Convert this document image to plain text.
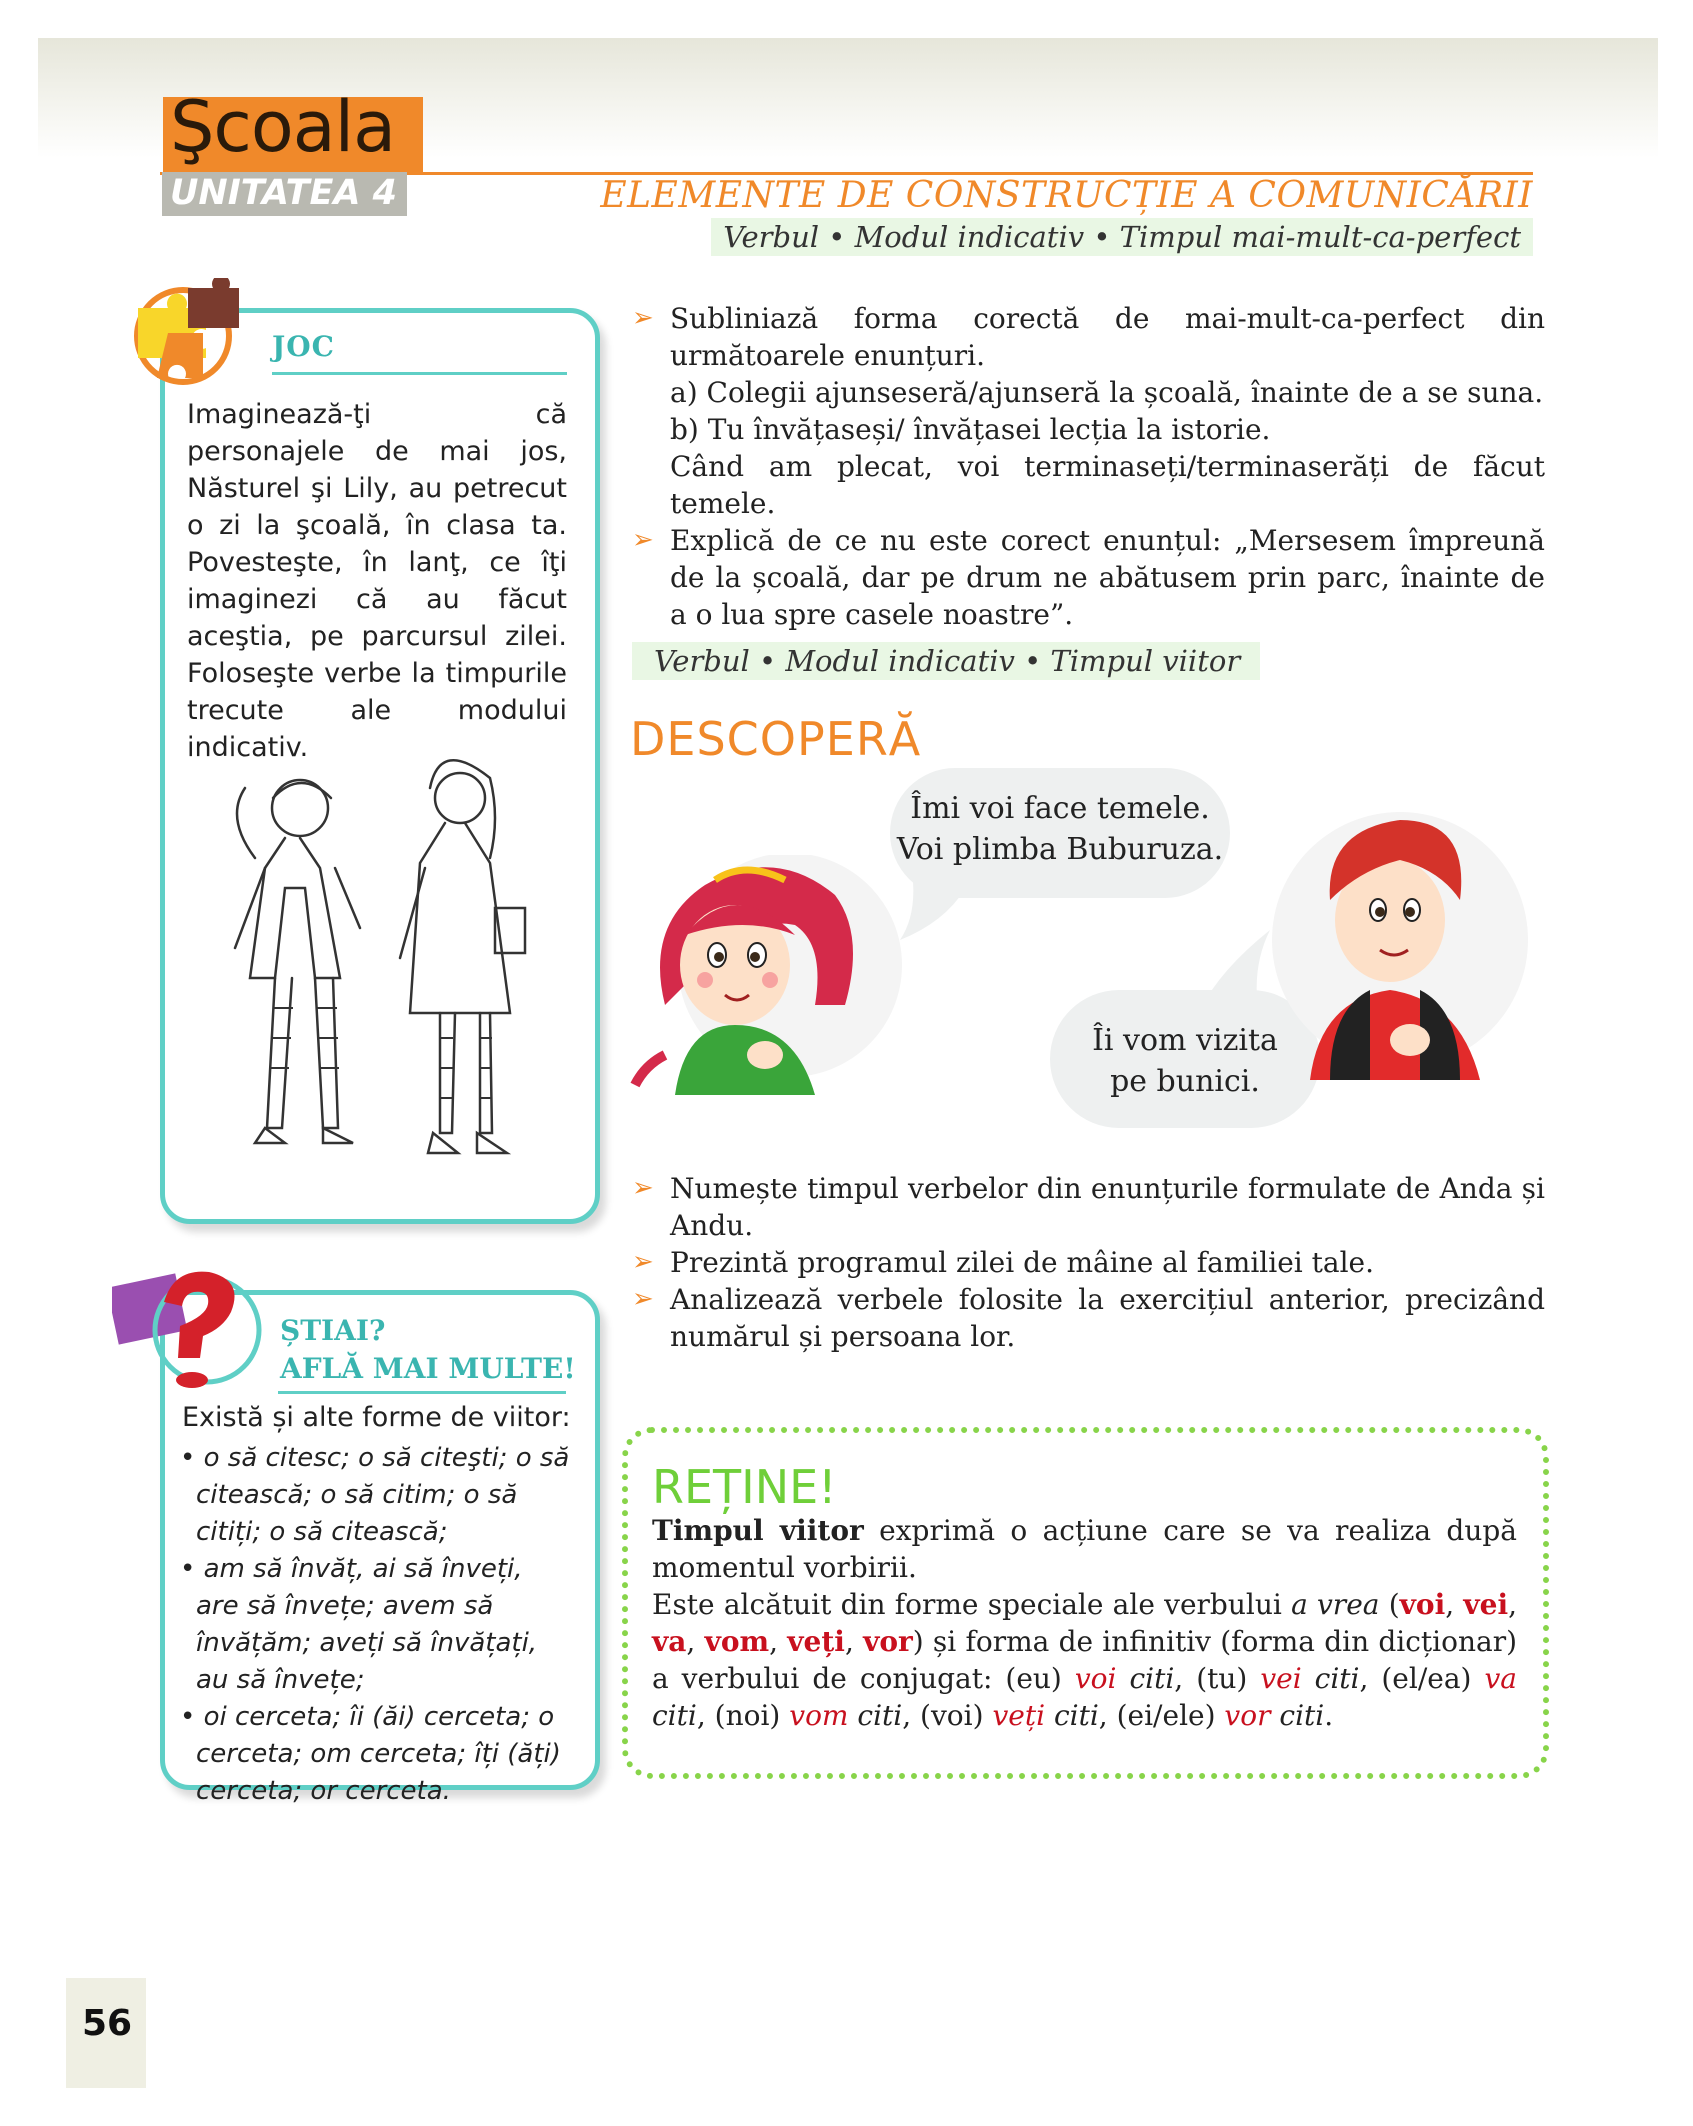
Şcoala
UNITATEA 4	ELEMENTE DE CONSTRUCȚIE A COMUNICĂRII
Verbul • Modul indicativ • Timpul mai-mult-ca-perfect
JOC
Imaginează-ţi că personajele de mai jos, Năsturel şi Lily, au petrecut o zi la şcoală, în clasa ta. Povesteşte, în lanţ, ce îţi imaginezi că au făcut aceştia, pe parcursul zilei. Foloseşte verbe la timpurile trecute ale modului indicativ.
ȘTIAI?
AFLĂ MAI MULTE!
Există și alte forme de viitor:
• o să citesc; o să citeşti; o să citească; o să citim; o să citiți; o să citească;
• am să învăț, ai să înveți, are să învețe; avem să învățăm; aveți să învățați, au să învețe;
• oi cerceta; îi (ăi) cerceta; o cerceta; om cerceta; îți (ăți) cerceta; or cerceta.
➢ Subliniază forma corectă de mai-mult-ca-perfect din următoarele enunțuri.
a) Colegii ajunseseră/ajunseră la școală, înainte de a se suna.
b) Tu învățaseși/ învățasei lecția la istorie.
Când am plecat, voi terminaseți/terminaserăți de făcut temele.
➢ Explică de ce nu este corect enunțul: „Mersesem împreună de la școală, dar pe drum ne abătusem prin parc, înainte de a o lua spre casele noastre”.
Verbul • Modul indicativ • Timpul viitor
DESCOPERĂ
Îmi voi face temele.
Voi plimba Buburuza.
Îi vom vizita
pe bunici.
➢ Numește timpul verbelor din enunțurile formulate de Anda și Andu.
➢ Prezintă programul zilei de mâine al familiei tale.
➢ Analizează verbele folosite la exercițiul anterior, precizând numărul și persoana lor.
REȚINE!
Timpul viitor exprimă o acțiune care se va realiza după momentul vorbirii.
Este alcătuit din forme speciale ale verbului a vrea (voi, vei, va, vom, veți, vor) și forma de infinitiv (forma din dicționar) a verbului de conjugat: (eu) voi citi, (tu) vei citi, (el/ea) va citi, (noi) vom citi, (voi) veți citi, (ei/ele) vor citi.
56
